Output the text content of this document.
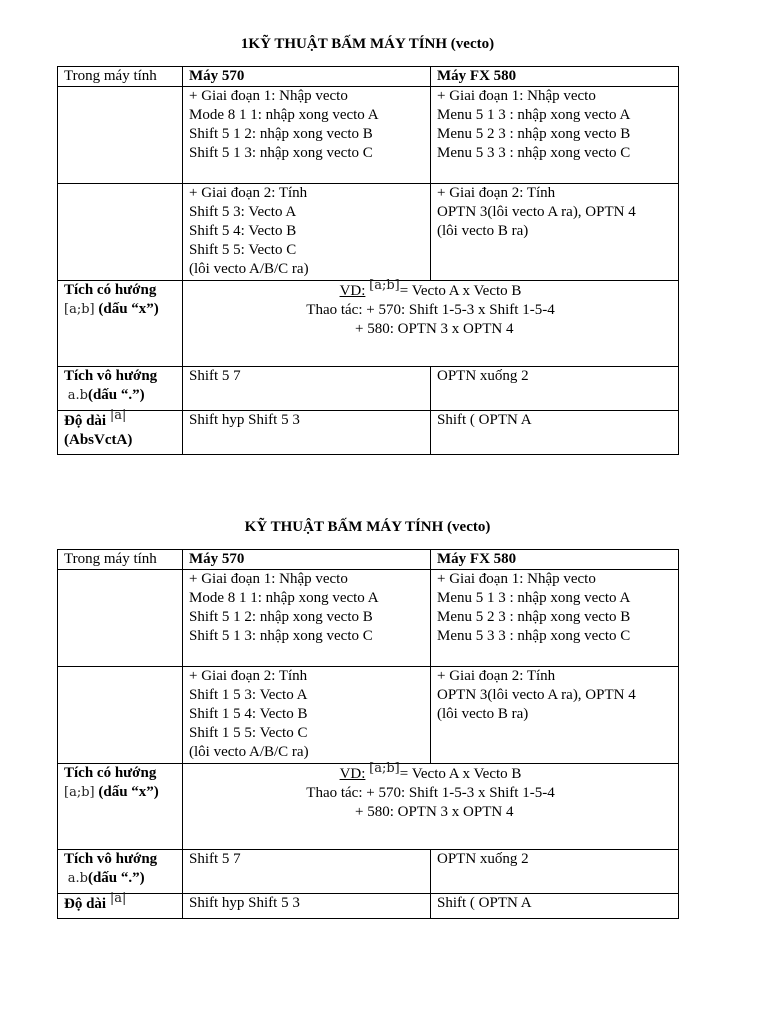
1KỸ THUẬT BẤM MÁY TÍNH (vecto)
Trong máy tính	Máy 570	Máy FX 580

	+ Giai đoạn 1: Nhập vecto
Mode 8 1 1: nhập xong vecto A
Shift 5 1 2: nhập xong vecto B
Shift 5 1 3: nhập xong vecto C	+ Giai đoạn 1: Nhập vecto
Menu 5 1 3 : nhập xong vecto A
Menu 5 2 3 : nhập xong vecto B
Menu 5 3 3 : nhập xong vecto C

	+ Giai đoạn 2: Tính
Shift 5 3: Vecto A
Shift 5 4: Vecto B
Shift 5 5: Vecto C
(lôi vecto A/B/C ra)	+ Giai đoạn 2: Tính
OPTN 3(lôi vecto A ra), OPTN 4
(lôi vecto B ra)

Tích có hướng
[a;b] (dấu “x”)	VD: [a;b]= Vecto A x Vecto B
Thao tác: + 570: Shift 1-5-3 x Shift 1-5-4
+ 580: OPTN 3 x OPTN 4	

Tích vô hướng
a.b(dấu “.”)	Shift 5 7	OPTN xuống 2

Độ dài |a|
(AbsVctA)	Shift hyp Shift 5 3	Shift ( OPTN A
KỸ THUẬT BẤM MÁY TÍNH (vecto)
Trong máy tính	Máy 570	Máy FX 580

	+ Giai đoạn 1: Nhập vecto
Mode 8 1 1: nhập xong vecto A
Shift 5 1 2: nhập xong vecto B
Shift 5 1 3: nhập xong vecto C	+ Giai đoạn 1: Nhập vecto
Menu 5 1 3 : nhập xong vecto A
Menu 5 2 3 : nhập xong vecto B
Menu 5 3 3 : nhập xong vecto C

	+ Giai đoạn 2: Tính
Shift 1 5 3: Vecto A
Shift 1 5 4: Vecto B
Shift 1 5 5: Vecto C
(lôi vecto A/B/C ra)	+ Giai đoạn 2: Tính
OPTN 3(lôi vecto A ra), OPTN 4
(lôi vecto B ra)

Tích có hướng
[a;b] (dấu “x”)	VD: [a;b]= Vecto A x Vecto B
Thao tác: + 570: Shift 1-5-3 x Shift 1-5-4
+ 580: OPTN 3 x OPTN 4	

Tích vô hướng
a.b(dấu “.”)	Shift 5 7	OPTN xuống 2

Độ dài |a|	Shift hyp Shift 5 3	Shift ( OPTN A
